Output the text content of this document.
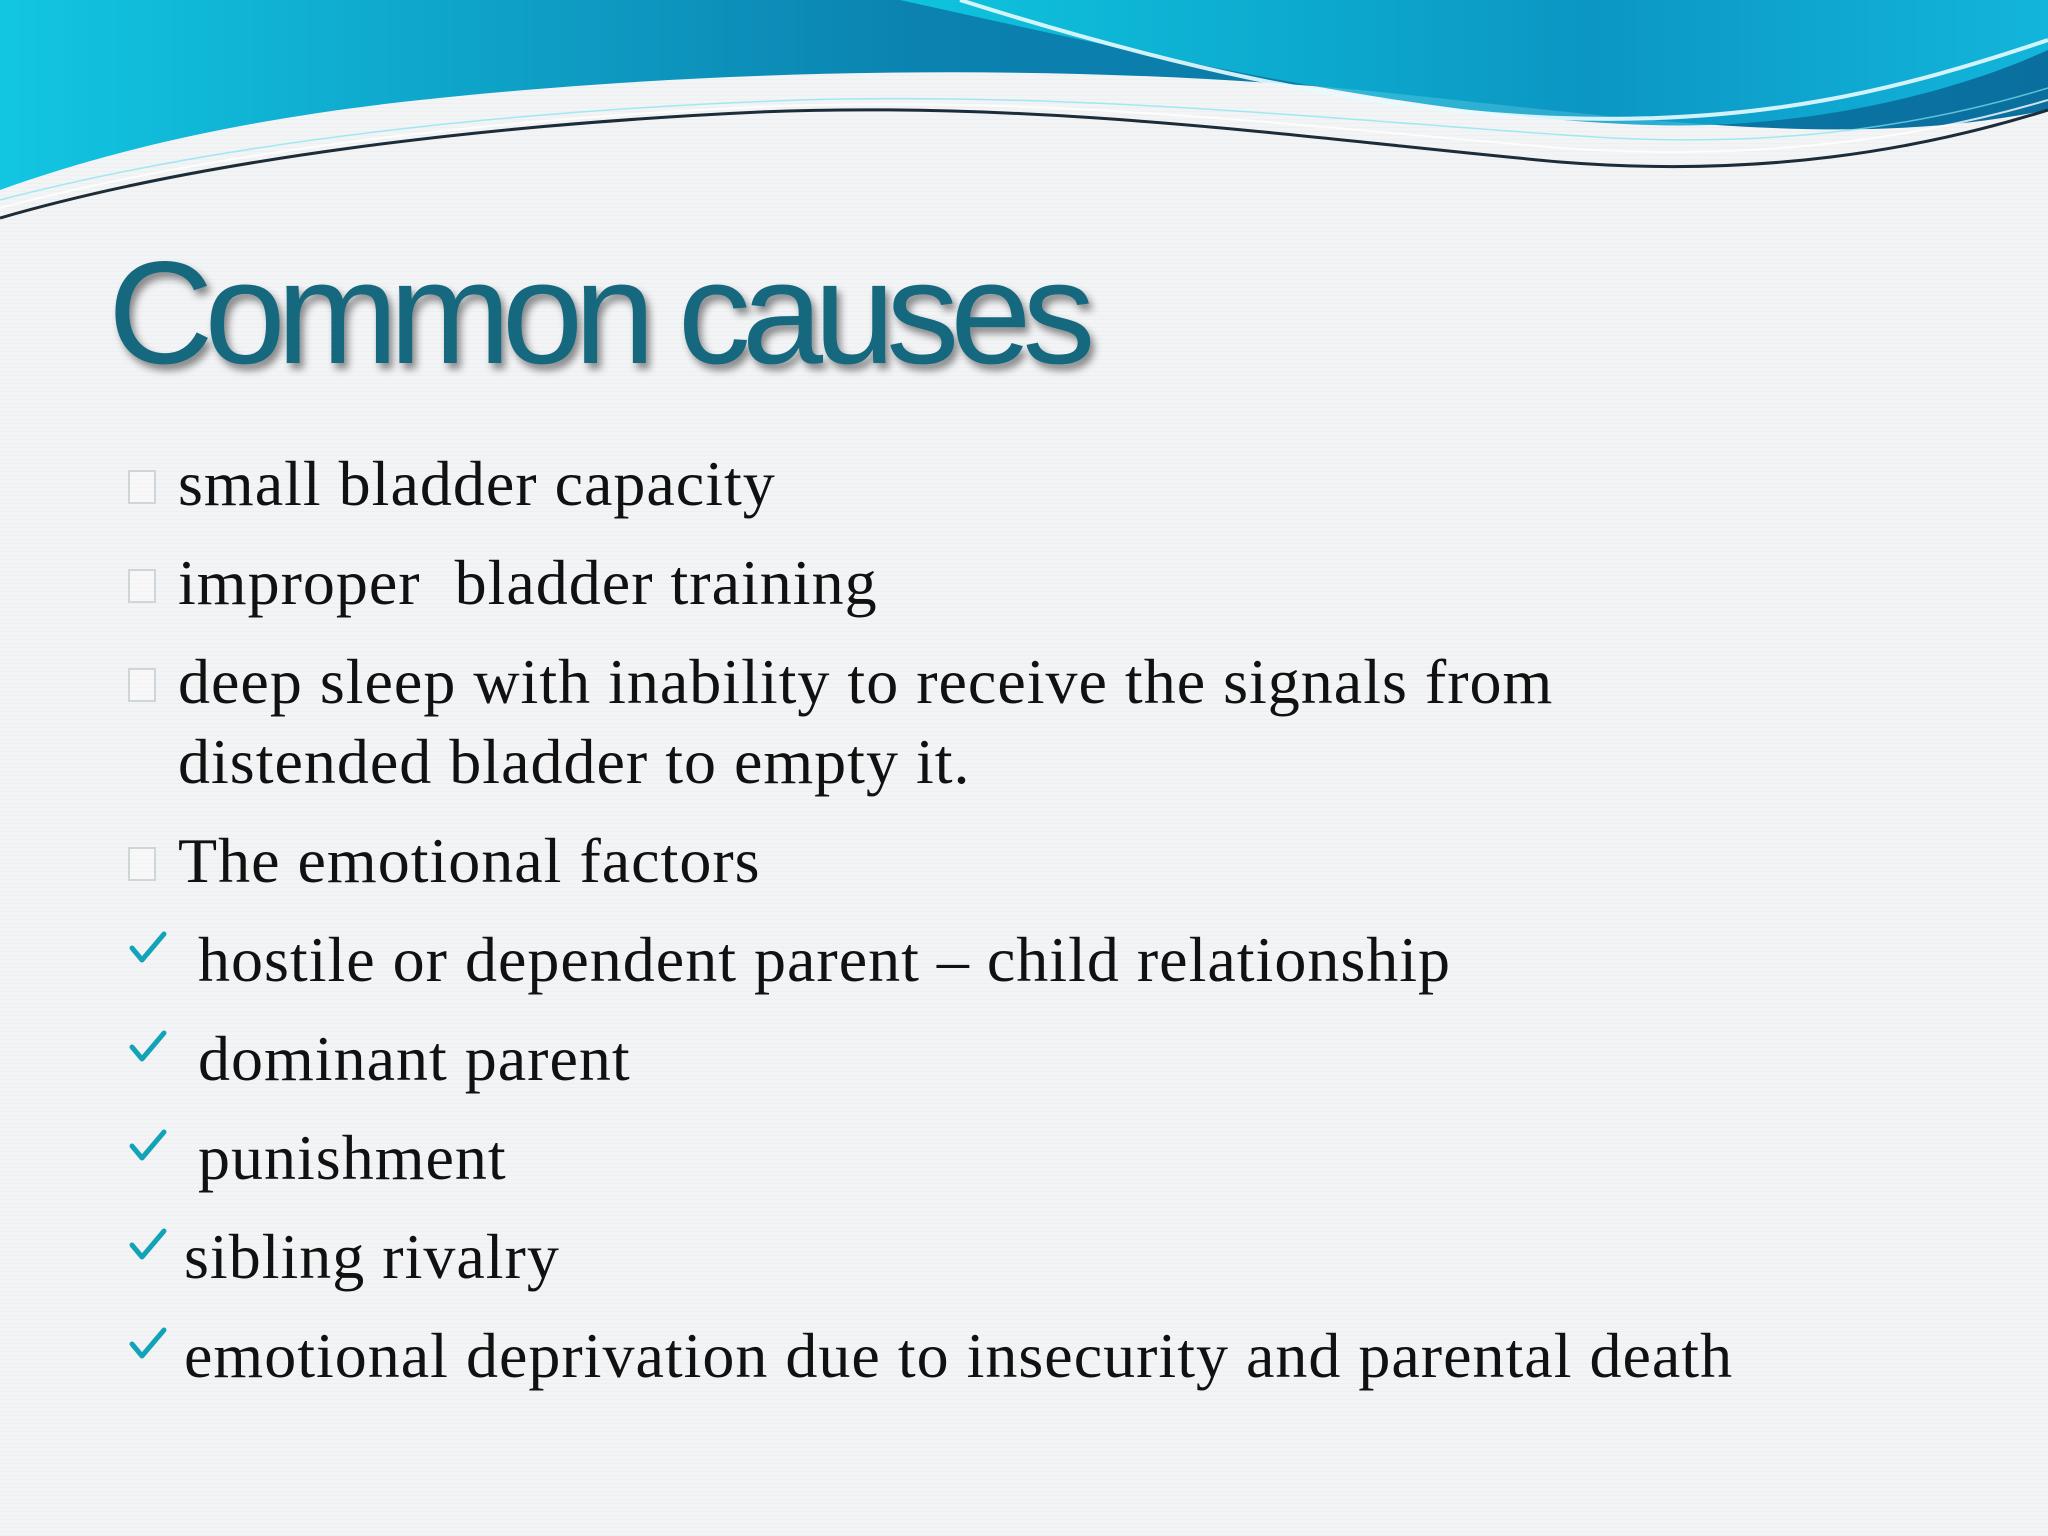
Common causes
small bladder capacity
improper  bladder training
deep sleep with inability to receive the signals from distended bladder to empty it.
The emotional factors
hostile or dependent parent – child relationship
dominant parent
punishment
sibling rivalry
emotional deprivation due to insecurity and parental death
